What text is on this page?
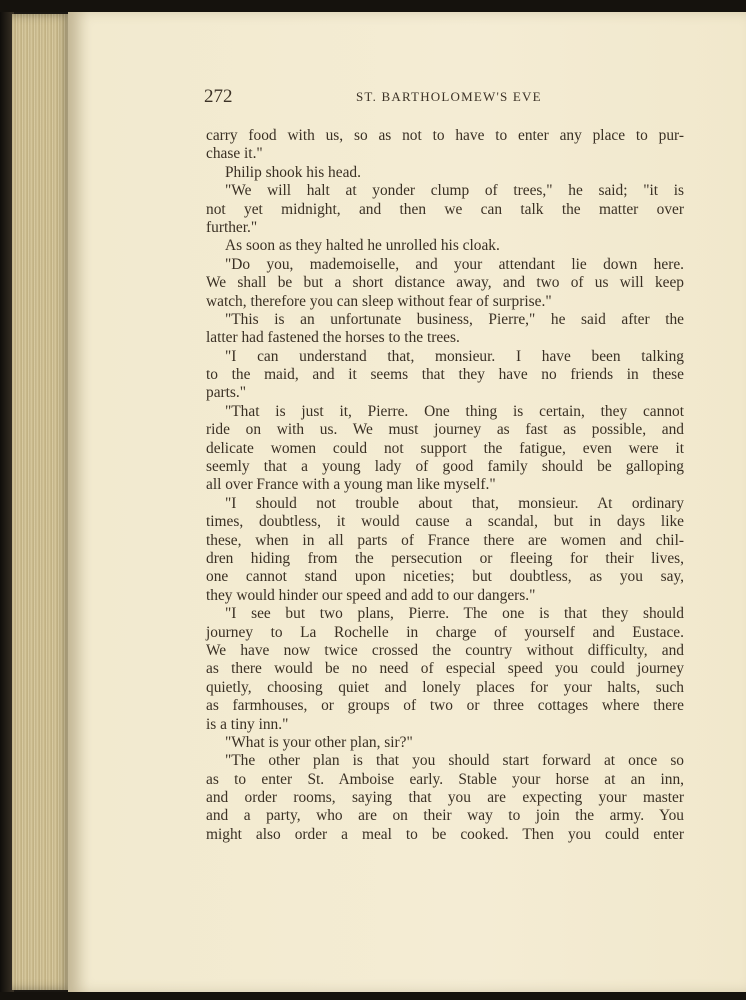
272	ST. BARTHOLOMEW'S EVE
carry food with us, so as not to have to enter any place to pur-
chase it."
Philip shook his head.
"We will halt at yonder clump of trees," he said; "it is
not yet midnight, and then we can talk the matter over
further."
As soon as they halted he unrolled his cloak.
"Do you, mademoiselle, and your attendant lie down here.
We shall be but a short distance away, and two of us will keep
watch, therefore you can sleep without fear of surprise."
"This is an unfortunate business, Pierre," he said after the
latter had fastened the horses to the trees.
"I can understand that, monsieur. I have been talking
to the maid, and it seems that they have no friends in these
parts."
"That is just it, Pierre. One thing is certain, they cannot
ride on with us. We must journey as fast as possible, and
delicate women could not support the fatigue, even were it
seemly that a young lady of good family should be galloping
all over France with a young man like myself."
"I should not trouble about that, monsieur. At ordinary
times, doubtless, it would cause a scandal, but in days like
these, when in all parts of France there are women and chil-
dren hiding from the persecution or fleeing for their lives,
one cannot stand upon niceties; but doubtless, as you say,
they would hinder our speed and add to our dangers."
"I see but two plans, Pierre. The one is that they should
journey to La Rochelle in charge of yourself and Eustace.
We have now twice crossed the country without difficulty, and
as there would be no need of especial speed you could journey
quietly, choosing quiet and lonely places for your halts, such
as farmhouses, or groups of two or three cottages where there
is a tiny inn."
"What is your other plan, sir?"
"The other plan is that you should start forward at once so
as to enter St. Amboise early. Stable your horse at an inn,
and order rooms, saying that you are expecting your master
and a party, who are on their way to join the army. You
might also order a meal to be cooked. Then you could enter
